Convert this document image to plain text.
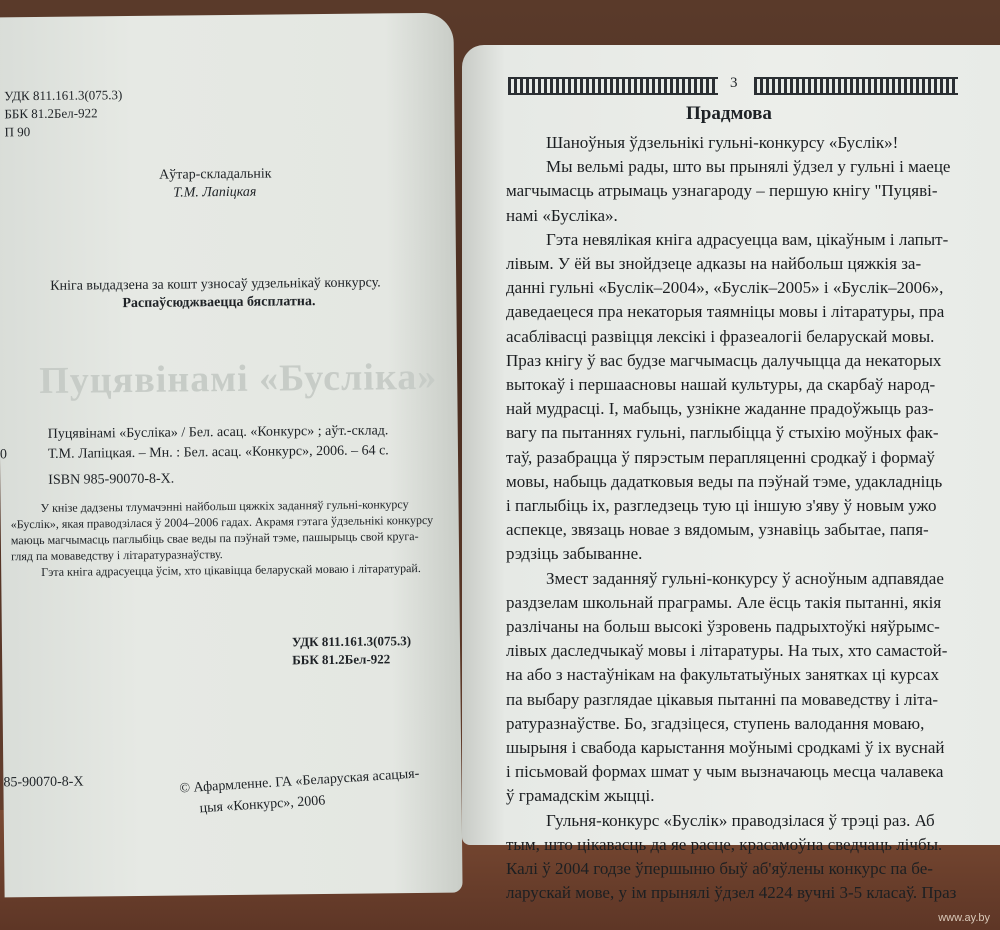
УДК 811.161.3(075.3)
ББК 81.2Бел-922
П 90
Аўтар-складальнік
Т.М. Лапіцкая
Кніга выдадзена за кошт узносаў удзельнікаў конкурсу.
Распаўсюджваецца бясплатна.
Пуцявінамі «Бусліка»
Пуцявінамі «Бусліка» / Бел. асац. «Конкурс» ; аўт.-склад.
0	Т.М. Лапіцкая. – Мн. : Бел. асац. «Конкурс», 2006. – 64 с.
ISBN 985-90070-8-X.
У кнізе дадзены тлумачэнні найбольш цяжкіх заданняў гульні-конкурсу
«Буслік», якая праводзілася ў 2004–2006 гадах. Акрамя гэтага ўдзельнікі конкурсу
маюць магчымасць паглыбіць свае веды па пэўнай тэме, пашырыць свой кругa-
гляд па моваведству і літаратуразнаўству.
Гэта кніга адрасуецца ўсім, хто цікавіцца беларускай моваю і літаратурай.
УДК 811.161.3(075.3)
ББК 81.2Бел-922
85-90070-8-X	© Афармленне. ГА «Беларуская асацыя-
цыя «Конкурс», 2006
3
Прадмова
Шаноўныя ўдзельнікі гульні-конкурсу «Буслік»!
Мы вельмі рады, што вы прынялі ўдзел у гульні і маеце
магчымасць атрымаць узнагароду – першую кнігу "Пуцявi-
намі «Бусліка».
Гэта невялікая кніга адрасуецца вам, цікаўным і лапыт-
лівым. У ёй вы знойдзеце адказы на найбольш цяжкія за-
данні гульні «Буслік–2004», «Буслік–2005» і «Буслік–2006»,
даведаецеся пра некаторыя таямніцы мовы і літаратуры, пра
асаблівасці развіцця лексікі і фразеалогіі беларускай мовы.
Праз кнігу ў вас будзе магчымасць далучыцца да некаторых
вытокаў і першаасновы нашай культуры, да скарбаў народ-
най мудрасці. І, мабыць, узнікне жаданне прадоўжыць раз-
вагу па пытаннях гульні, паглыбіцца ў стыхію моўных фак-
таў, разабрацца ў пярэстым перапляценні сродкаў і формаў
мовы, набыць дадатковыя веды па пэўнай тэме, удакладніць
і паглыбіць іх, разгледзець тую ці іншую з'яву ў новым ужо
аспекце, звязаць новае з вядомым, узнавіць забытае, папя-
рэдзіць забыванне.
Змест заданняў гульні-конкурсу ў асноўным адпавядае
раздзелам школьнай праграмы. Але ёсць такія пытанні, якія
разлічаны на больш высокі ўзровень падрыхтоўкі няўрымс-
лівых даследчыкаў мовы і літаратуры. На тых, хто самастой-
на або з настаўнікам на факультатыўных занятках ці курсах
па выбару разглядае цікавыя пытанні па моваведству і літа-
ратуразнаўстве. Бо, згадзіцеся, ступень валодання моваю,
шырыня і свабода карыстання моўнымі сродкамі ў іх вуснай
і пісьмовай формах шмат у чым вызначаюць месца чалавека
ў грамадскім жыцці.
Гульня-конкурс «Буслік» праводзілася ў трэці раз. Аб
тым, што цікавасць да яе расце, красамоўна сведчаць лічбы.
Калі ў 2004 годзе ўпершыню быў аб'яўлены конкурс па бе-
ларускай мове, у ім прынялі ўдзел 4224 вучні 3-5 класаў. Праз
www.ay.by
